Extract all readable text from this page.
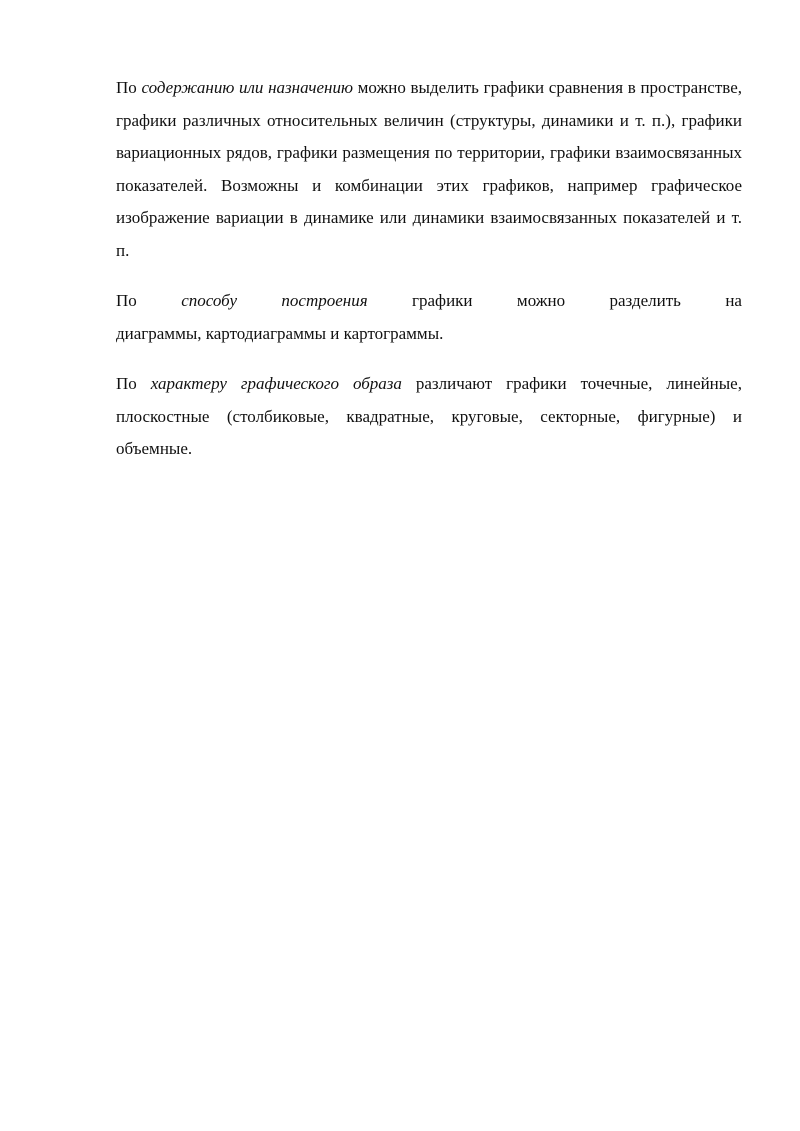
По содержанию или назначению можно выделить графики сравнения в пространстве, графики различных относительных величин (структуры, динамики и т. п.), графики вариационных рядов, графики размещения по территории, графики взаимосвязанных показателей. Возможны и комбинации этих графиков, например графическое изображение вариации в динамике или динамики взаимосвязанных показателей и т. п.

По способу построения графики можно разделить на
диаграммы, картодиаграммы и картограммы.

По характеру графического образа различают графики точечные, линейные, плоскостные (столбиковые, квадратные, круговые, секторные, фигурные) и объемные.
